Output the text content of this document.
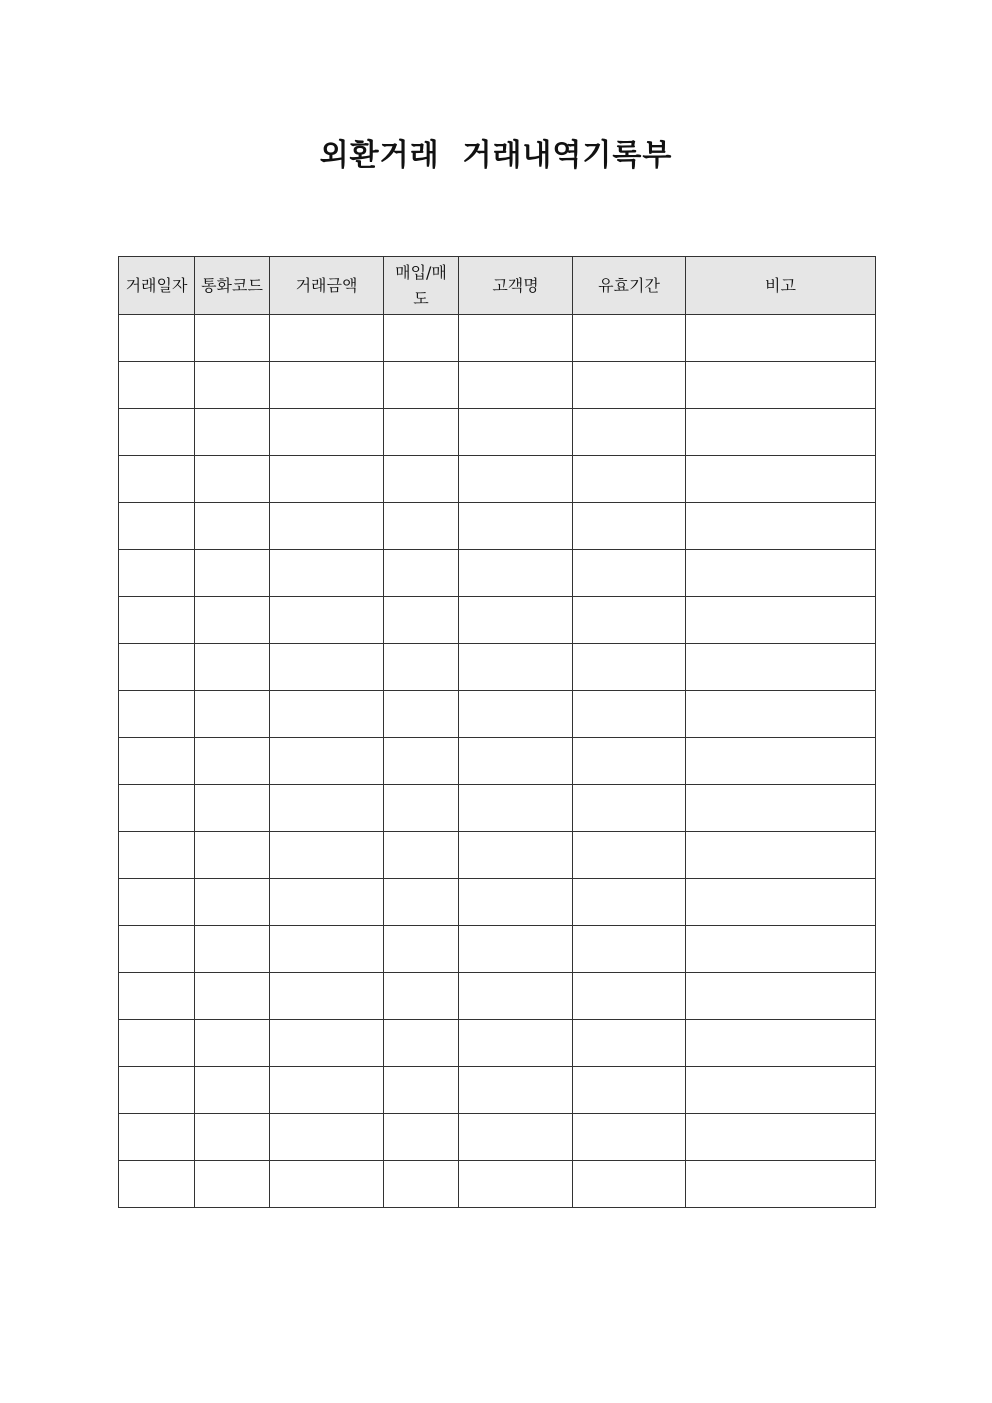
외환거래  거래내역기록부
거래일자	통화코드	거래금액	매입/매도	고객명	유효기간	비고
